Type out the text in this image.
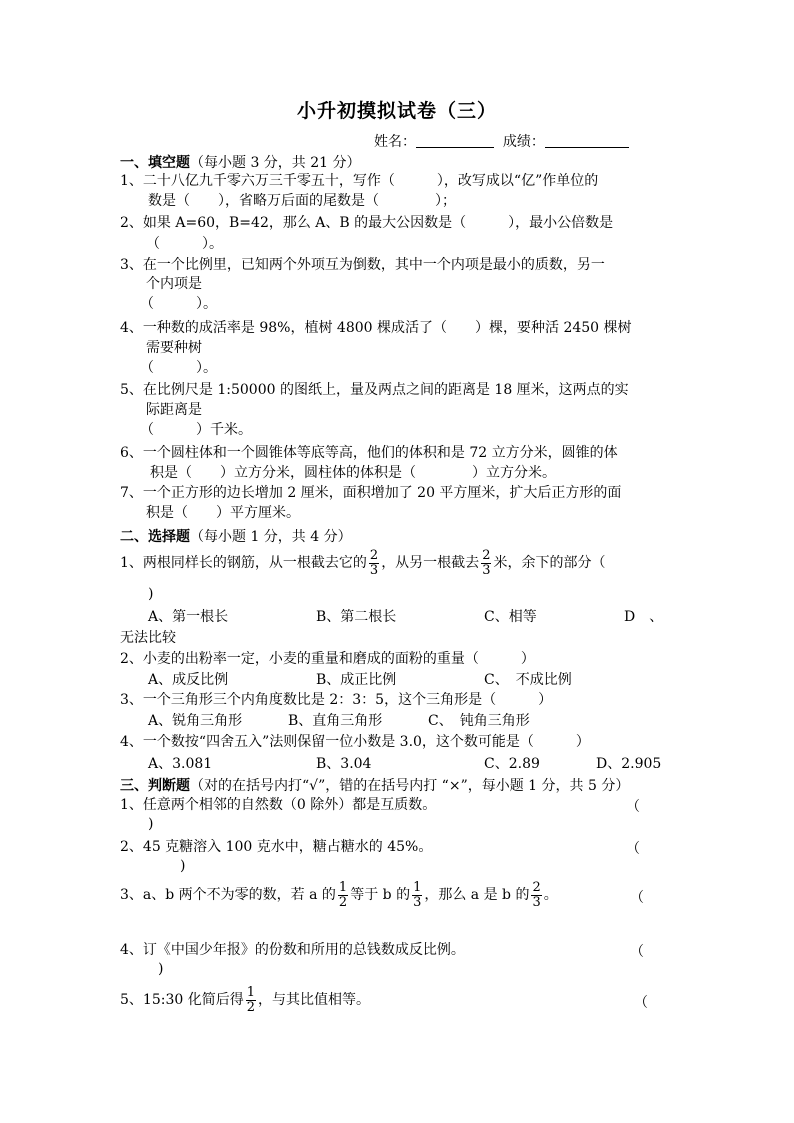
小升初摸拟试卷（三）
姓名：	成绩：
一、填空题（每小题 3 分，共 21 分）
1、二十八亿九千零六万三千零五十，写作（　　　），改写成以“亿”作单位的
数是（　　），省略万后面的尾数是（　　　　）；
2、如果 A=60，B=42，那么 A、B 的最大公因数是（　　　），最小公倍数是
（　　　）。
3、在一个比例里，已知两个外项互为倒数，其中一个内项是最小的质数，另一
个内项是
（　　　）。
4、一种数的成活率是 98%，植树 4800 棵成活了（　　）棵，要种活 2450 棵树
需要种树
（　　　）。
5、在比例尺是 1:50000 的图纸上，量及两点之间的距离是 18 厘米，这两点的实
际距离是
（　　　）千米。
6、一个圆柱体和一个圆锥体等底等高，他们的体积和是 72 立方分米，圆锥的体
积是（　　）立方分米，圆柱体的体积是（　　　　）立方分米。
7、一个正方形的边长增加 2 厘米，面积增加了 20 平方厘米，扩大后正方形的面
积是（　　）平方厘米。
二、选择题（每小题 1 分，共 4 分）
1、两根同样长的钢筋，从一根截去它的 $\frac{2}{3}$ ，从另一根截去 $\frac{2}{3}$ 米，余下的部分（
)
A、第一根长	B、第二根长	C、相等	D　、
无法比较
2、小麦的出粉率一定，小麦的重量和磨成的面粉的重量（　　　）
A、成反比例	B、成正比例	C、　不成比例
3、一个三角形三个内角度数比是 2：3：5，这个三角形是（　　　）
A、锐角三角形	B、直角三角形	C、　钝角三角形
4、一个数按“四舍五入”法则保留一位小数是 3.0，这个数可能是（　　　）
A、3.081	B、3.04	C、2.89	D、2.905
三、判断题（对的在括号内打“√”，错的在括号内打 “×”，每小题 1 分，共 5 分）
1、任意两个相邻的自然数（0 除外）都是互质数。	（
)
2、45 克糖溶入 100 克水中，糖占糖水的 45%。	（
)
3、a、b 两个不为零的数，若 a 的 $\frac{1}{2}$ 等于 b 的 $\frac{1}{3}$ ，那么 a 是 b 的 $\frac{2}{3}$ 。	（
4、订《中国少年报》的份数和所用的总钱数成反比例。	（
)
5、15:30 化简后得 $\frac{1}{2}$ ，与其比值相等。	（
